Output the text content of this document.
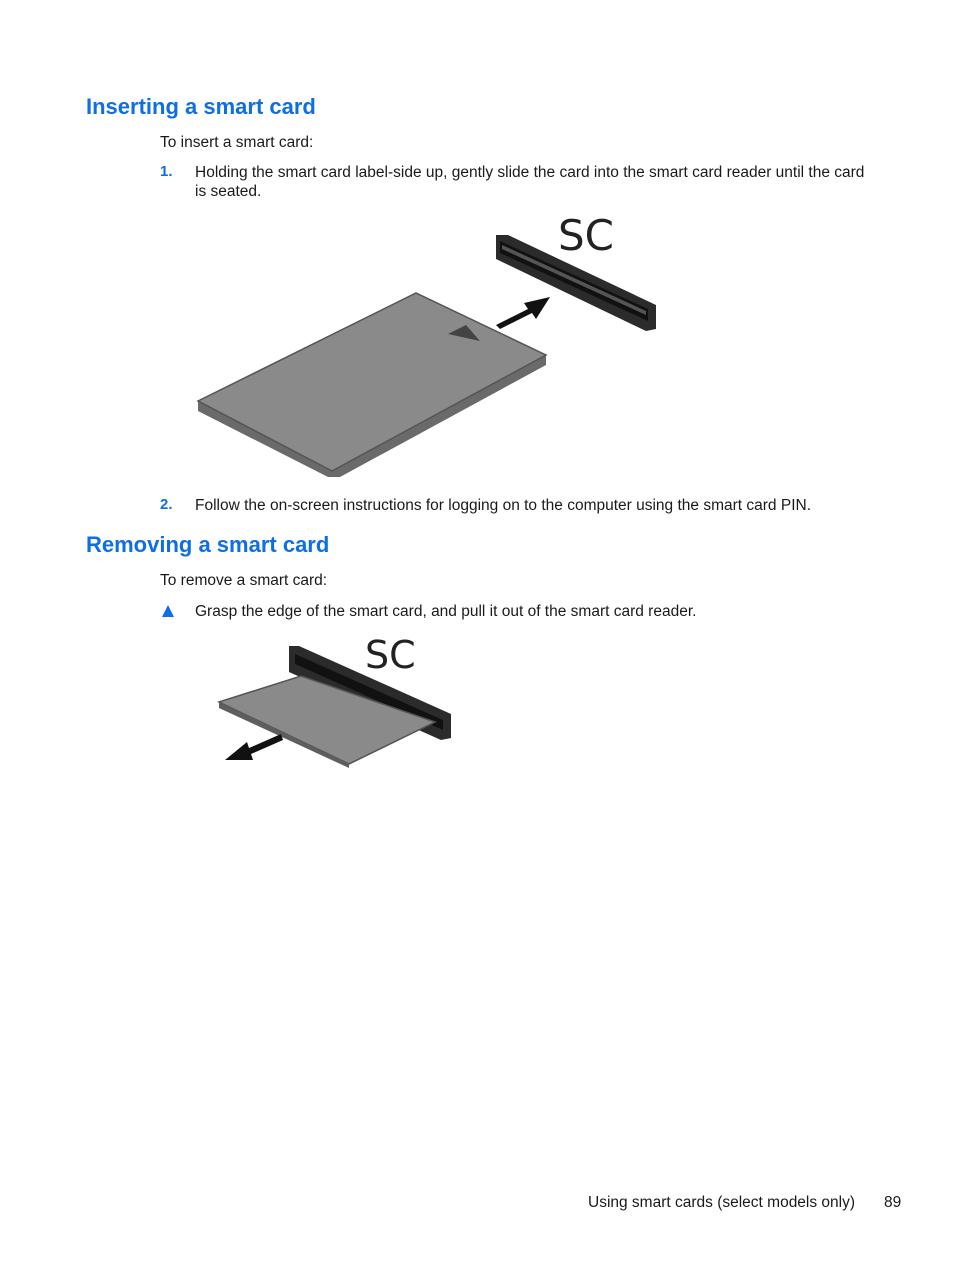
Inserting a smart card
To insert a smart card:
1. Holding the smart card label-side up, gently slide the card into the smart card reader until the card
is seated.
SC
2. Follow the on-screen instructions for logging on to the computer using the smart card PIN.
Removing a smart card
To remove a smart card:
Grasp the edge of the smart card, and pull it out of the smart card reader.
SC
Using smart cards (select models only) 89
